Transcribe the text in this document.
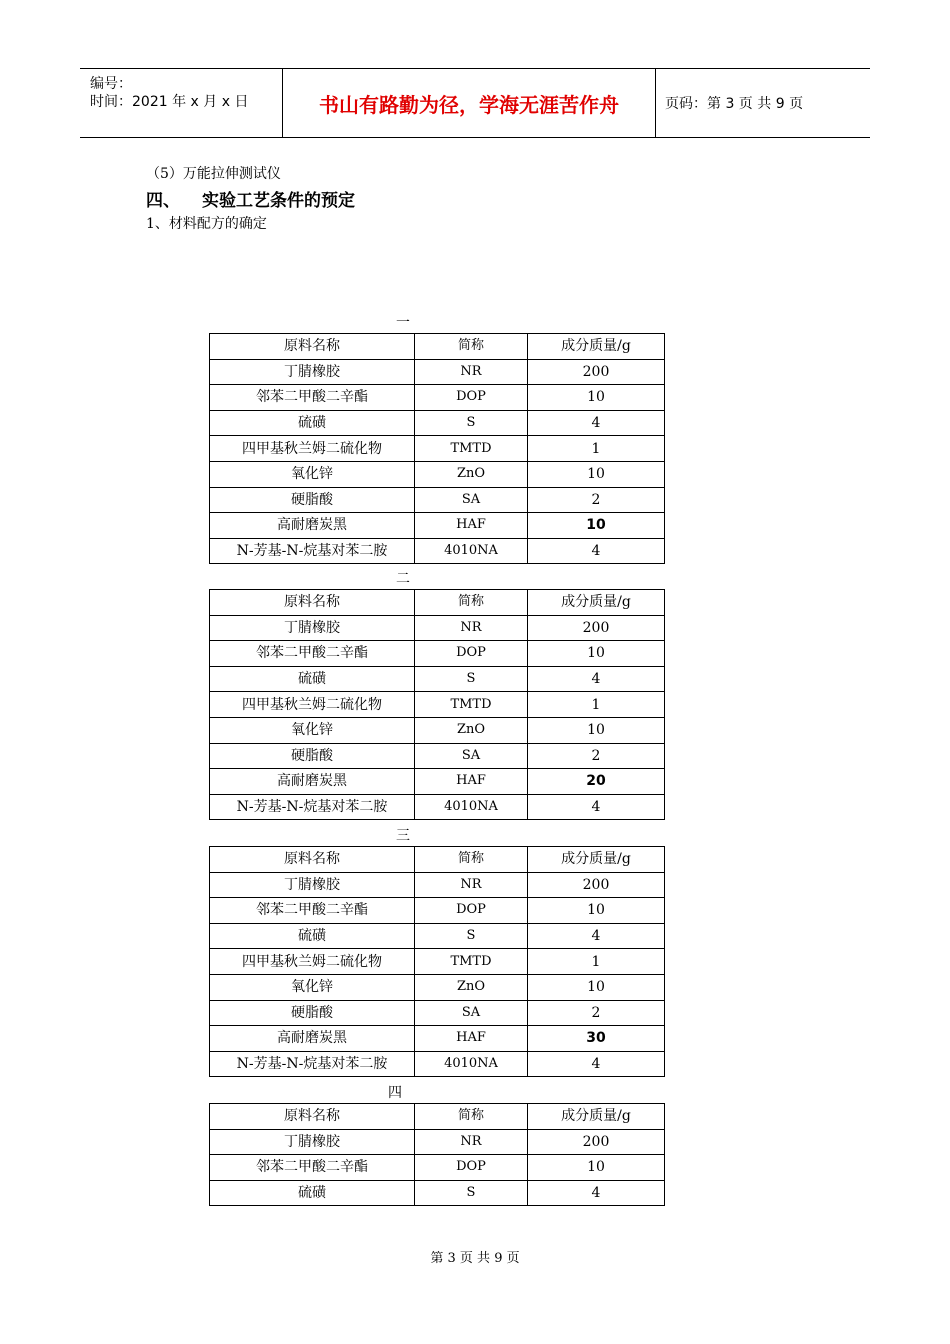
编号：
时间：2021 年 x 月 x 日	书山有路勤为径，学海无涯苦作舟	页码：第 3 页 共 9 页
（5）万能拉伸测试仪
四、 实验工艺条件的预定
1、材料配方的确定
一
原料名称	简称	成分质量/g
丁腈橡胶	NR	200
邻苯二甲酸二辛酯	DOP	10
硫磺	S	4
四甲基秋兰姆二硫化物	TMTD	1
氧化锌	ZnO	10
硬脂酸	SA	2
高耐磨炭黑	HAF	10
N-芳基-N-烷基对苯二胺	4010NA	4
二
原料名称	简称	成分质量/g
丁腈橡胶	NR	200
邻苯二甲酸二辛酯	DOP	10
硫磺	S	4
四甲基秋兰姆二硫化物	TMTD	1
氧化锌	ZnO	10
硬脂酸	SA	2
高耐磨炭黑	HAF	20
N-芳基-N-烷基对苯二胺	4010NA	4
三
原料名称	简称	成分质量/g
丁腈橡胶	NR	200
邻苯二甲酸二辛酯	DOP	10
硫磺	S	4
四甲基秋兰姆二硫化物	TMTD	1
氧化锌	ZnO	10
硬脂酸	SA	2
高耐磨炭黑	HAF	30
N-芳基-N-烷基对苯二胺	4010NA	4
四
原料名称	简称	成分质量/g
丁腈橡胶	NR	200
邻苯二甲酸二辛酯	DOP	10
硫磺	S	4
第 3 页 共 9 页
